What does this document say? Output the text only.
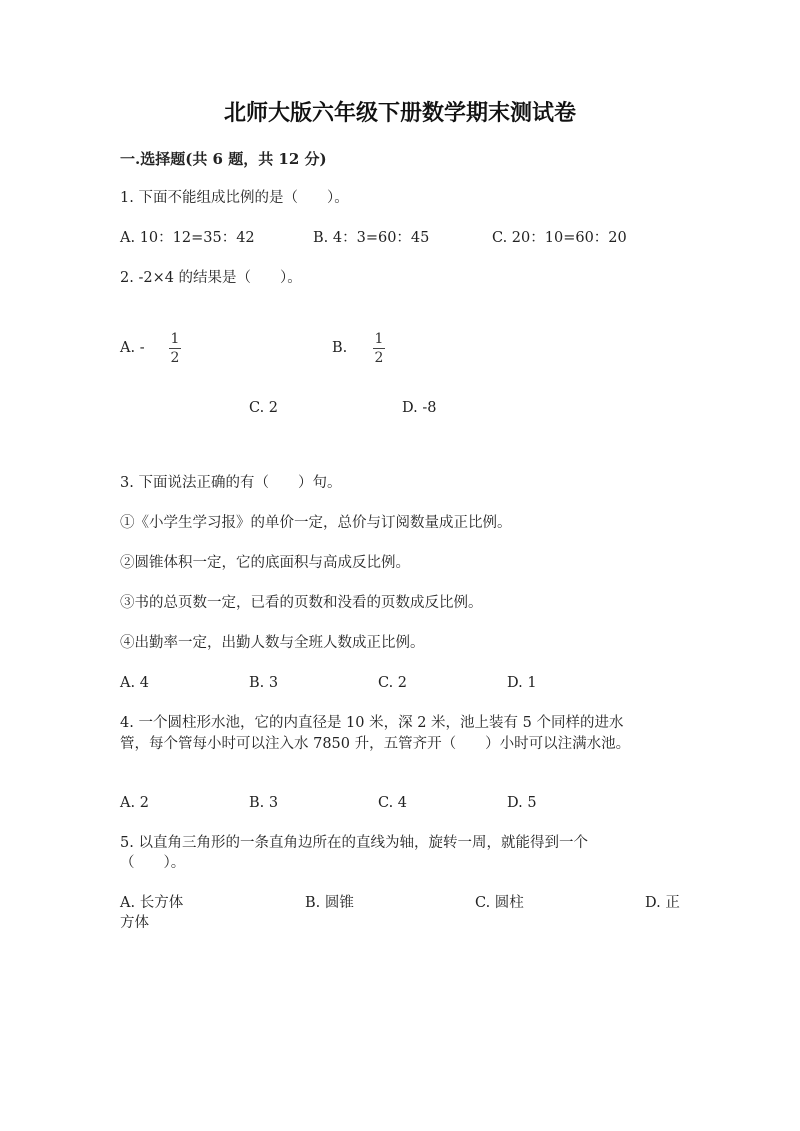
北师大版六年级下册数学期末测试卷
一.选择题(共 6 题，共 12 分)
1. 下面不能组成比例的是（　　）。
A. 10：12=35：42	B. 4：3=60：45	C. 20：10=60：20
2. -2×4 的结果是（　　）。
A. -
1
2
B.
1
2
C. 2	D. -8
3. 下面说法正确的有（　　）句。
①《小学生学习报》的单价一定，总价与订阅数量成正比例。
②圆锥体积一定，它的底面积与高成反比例。
③书的总页数一定，已看的页数和没看的页数成反比例。
④出勤率一定，出勤人数与全班人数成正比例。
A. 4	B. 3	C. 2	D. 1
4. 一个圆柱形水池，它的内直径是 10 米，深 2 米，池上装有 5 个同样的进水
管，每个管每小时可以注入水 7850 升，五管齐开（　　）小时可以注满水池。
A. 2	B. 3	C. 4	D. 5
5. 以直角三角形的一条直角边所在的直线为轴，旋转一周，就能得到一个
（　　）。
A. 长方体	B. 圆锥	C. 圆柱	D. 正
方体
